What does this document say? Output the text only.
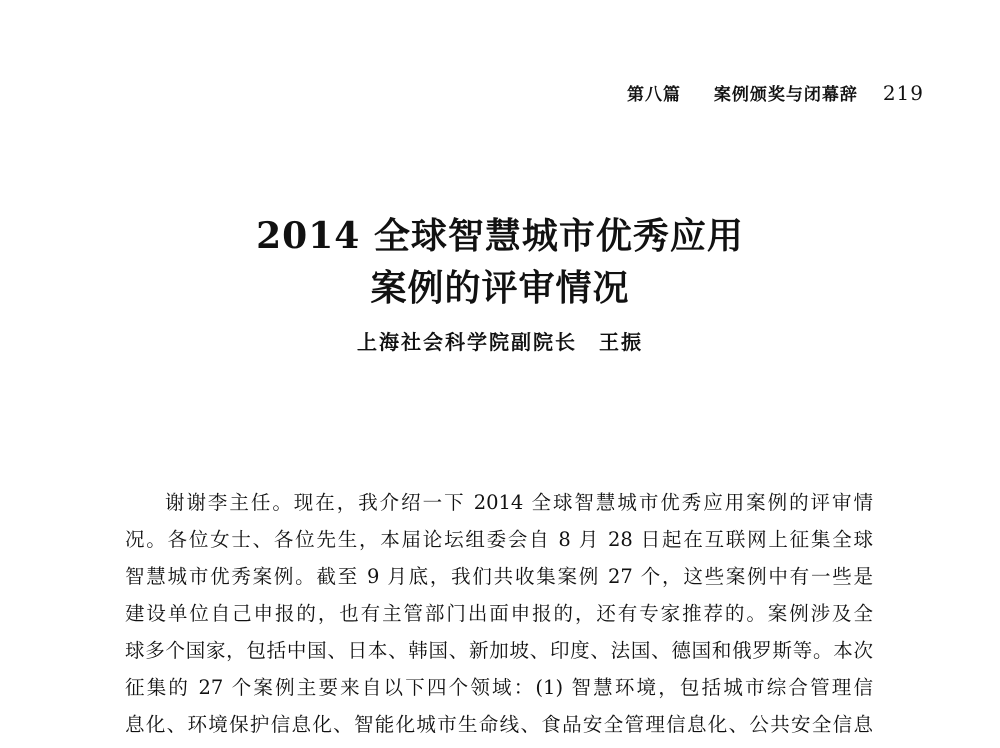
第八篇 案例颁奖与闭幕辞 219
2014 全球智慧城市优秀应用
案例的评审情况
上海社会科学院副院长　王振
谢谢李主任。现在，我介绍一下 2014 全球智慧城市优秀应用案例的评审情
况。各位女士、各位先生，本届论坛组委会自 8 月 28 日起在互联网上征集全球
智慧城市优秀案例。截至 9 月底，我们共收集案例 27 个，这些案例中有一些是
建设单位自己申报的，也有主管部门出面申报的，还有专家推荐的。案例涉及全
球多个国家，包括中国、日本、韩国、新加坡、印度、法国、德国和俄罗斯等。本次
征集的 27 个案例主要来自以下四个领域：(1) 智慧环境，包括城市综合管理信
息化、环境保护信息化、智能化城市生命线、食品安全管理信息化、公共安全信息
